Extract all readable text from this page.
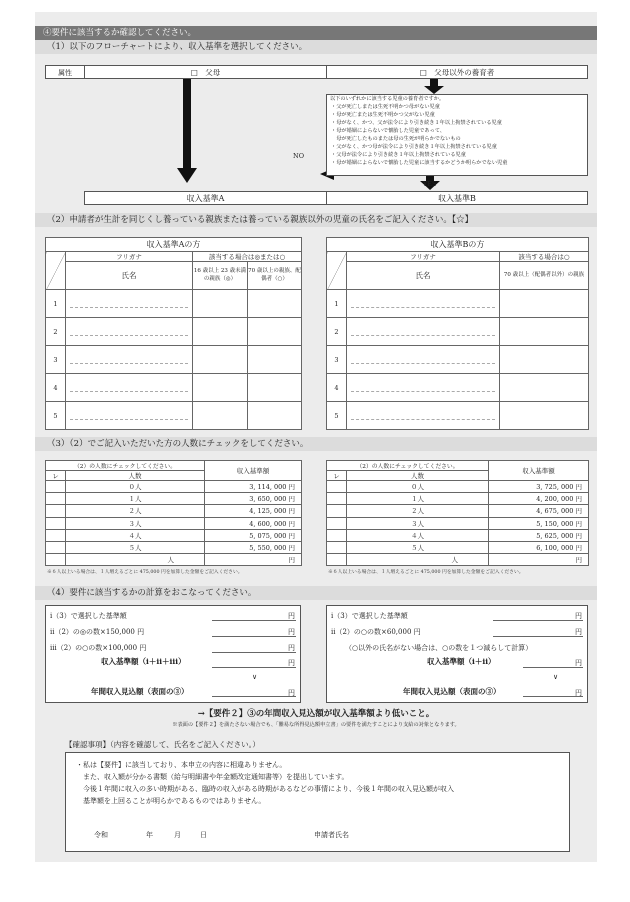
④要件に該当するか確認してください。
（1）以下のフローチャートにより、収入基準を選択してください。
属性	□　父母	□　父母以外の養育者
以下のいずれかに該当する児童の養育者ですか。
・父が死亡しまたは生死不明かつ母がない児童
・母が死亡または生死不明かつ父がない児童
・母がなく、かつ、父が法令により引き続き１年以上拘禁されている児童
・母が婚姻によらないで懐胎した児童であって、
　母が死亡したものまたは母の生死が明らかでないもの
・父がなく、かつ母が法令により引き続き１年以上拘禁されている児童
・父母が法令により引き続き１年以上拘禁されている児童
・母が婚姻によらないで懐胎した児童に該当するかどうか明らかでない児童
NO
YES
収入基準A	収入基準B
（2）申請者が生計を同じくし養っている親族または養っている親族以外の児童の氏名をご記入ください。【☆】
収入基準Aの方			
	フリガナ	該当する場合は◎または○	
	氏名	16 歳以上 23 歳未満の親族（◎）	70 歳以上の親族、配偶者（○）
1	

2	

3	

4	

5	

収入基準Bの方		
	フリガナ	該当する場合は○
	氏名	70 歳以上（配偶者以外）の親族
1	

2	

3	

4	

5	

（3）（2）でご記入いただいた方の人数にチェックをしてください。
（2）の人数にチェックしてください。		収入基準額
レ	人数	
	０人	3, 114, 000 円
	１人	3, 650, 000 円
	２人	4, 125, 000 円
	３人	4, 600, 000 円
	４人	5, 075, 000 円
	５人	5, 550, 000 円
	人	円
※６人以上いる場合は、１人増えるごとに 475,000 円を加算した金額をご記入ください。
（2）の人数にチェックしてください。		収入基準額
レ	人数	
	０人	3, 725, 000 円
	１人	4, 200, 000 円
	２人	4, 675, 000 円
	３人	5, 150, 000 円
	４人	5, 625, 000 円
	５人	6, 100, 000 円
	人	円
※６人以上いる場合は、１人増えるごとに 475,000 円を加算した金額をご記入ください。
（4）要件に該当するかの計算をおこなってください。
ⅰ（3）で選択した基準額	円
ⅱ（2）の◎の数×150,000 円	円
ⅲ（2）の○の数×100,000 円	円
収入基準額（ⅰ＋ⅱ＋ⅲ）	円
∨
年間収入見込額（表面の③）	円
ⅰ（3）で選択した基準額	円
ⅱ（2）の○の数×60,000 円	円
（○以外の氏名がない場合は、○の数を１つ減らして計算）
収入基準額（ⅰ＋ⅱ）	円
∨
年間収入見込額（表面の③）	円
→【要件２】③の年間収入見込額が収入基準額より低いこと。
※表面の【要件２】を満たさない場合でも、「難易な所得見込額申立書」の要件を満たすことにより支給の対象となります。
【確認事項】（内容を確認して、氏名をご記入ください。）
・私は【要件】に該当しており、本申立の内容に相違ありません。
　また、収入額が分かる書類（給与明細書や年金額改定通知書等）を提出しています。
　今後１年間に収入の多い時期がある、臨時の収入がある時期があるなどの事情により、今後１年間の収入見込額が収入
　基準額を上回ることが明らかであるものではありません。
令和	年	月	日	申請者氏名
